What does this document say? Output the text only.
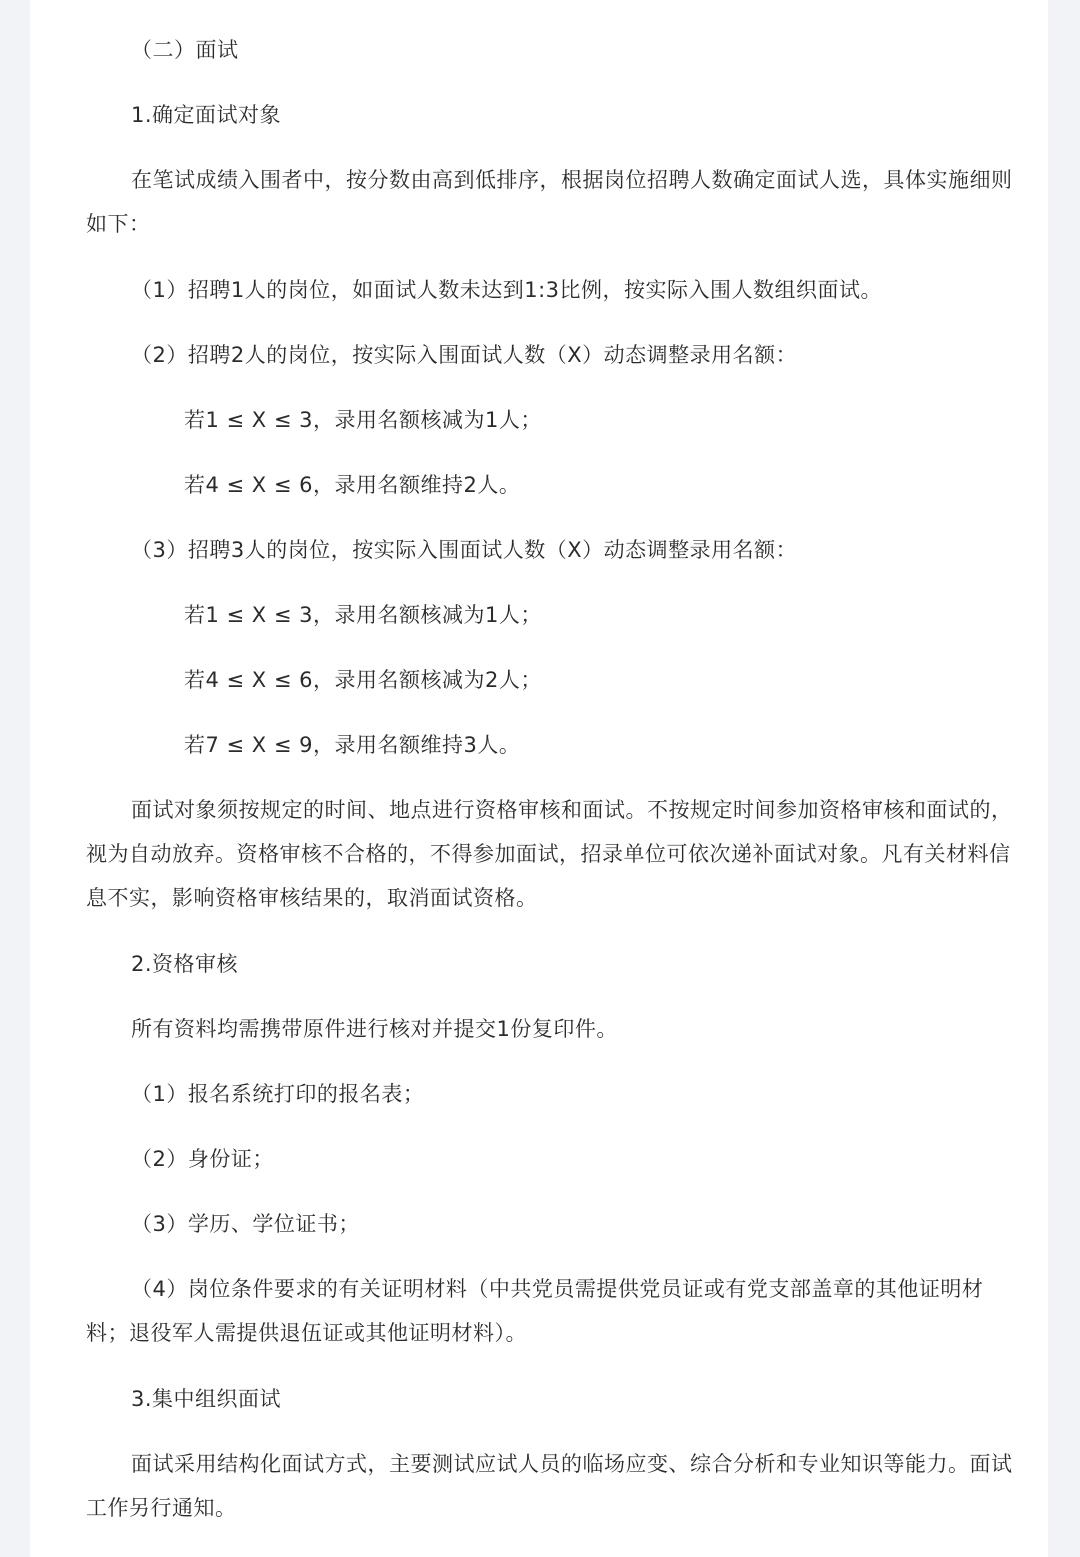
（二）面试
1.确定面试对象
在笔试成绩入围者中，按分数由高到低排序，根据岗位招聘人数确定面试人选，具体实施细则如下：
（1）招聘1人的岗位，如面试人数未达到1:3比例，按实际入围人数组织面试。
（2）招聘2人的岗位，按实际入围面试人数（X）动态调整录用名额：
若1 ≤ X ≤ 3，录用名额核减为1人；
若4 ≤ X ≤ 6，录用名额维持2人。
（3）招聘3人的岗位，按实际入围面试人数（X）动态调整录用名额：
若1 ≤ X ≤ 3，录用名额核减为1人；
若4 ≤ X ≤ 6，录用名额核减为2人；
若7 ≤ X ≤ 9，录用名额维持3人。
面试对象须按规定的时间、地点进行资格审核和面试。不按规定时间参加资格审核和面试的，视为自动放弃。资格审核不合格的，不得参加面试，招录单位可依次递补面试对象。凡有关材料信息不实，影响资格审核结果的，取消面试资格。
2.资格审核
所有资料均需携带原件进行核对并提交1份复印件。
（1）报名系统打印的报名表；
（2）身份证；
（3）学历、学位证书；
（4）岗位条件要求的有关证明材料（中共党员需提供党员证或有党支部盖章的其他证明材料；退役军人需提供退伍证或其他证明材料）。
3.集中组织面试
面试采用结构化面试方式，主要测试应试人员的临场应变、综合分析和专业知识等能力。面试工作另行通知。
